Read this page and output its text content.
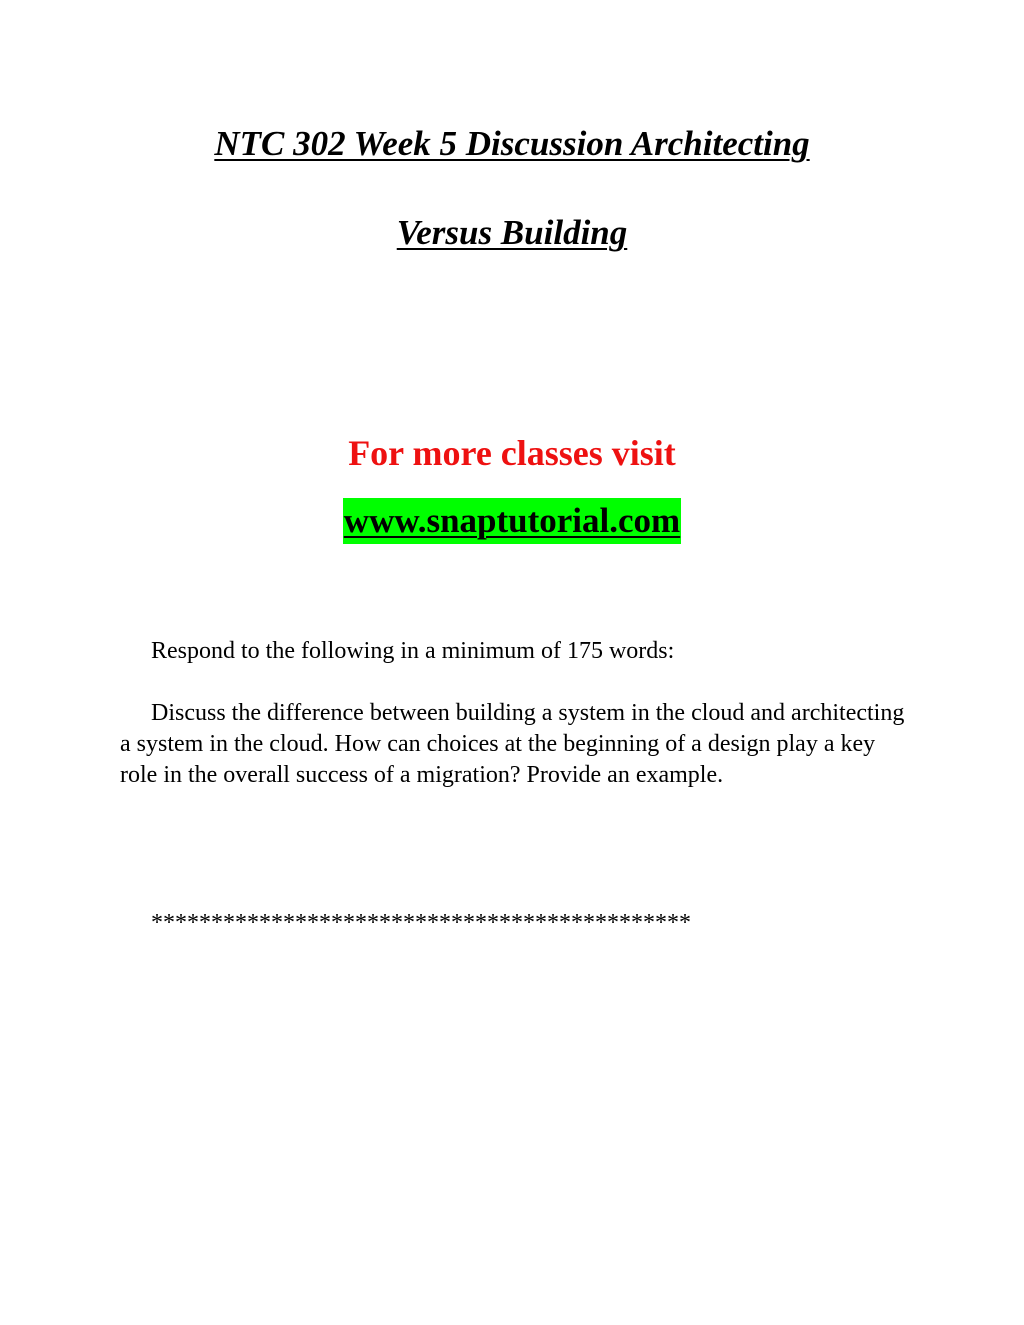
NTC 302 Week 5 Discussion Architecting
Versus Building
For more classes visit
www.snaptutorial.com
Respond to the following in a minimum of 175 words:
Discuss the difference between building a system in the cloud and architecting a system in the cloud. How can choices at the beginning of a design play a key role in the overall success of a migration? Provide an example.
*********************************************
